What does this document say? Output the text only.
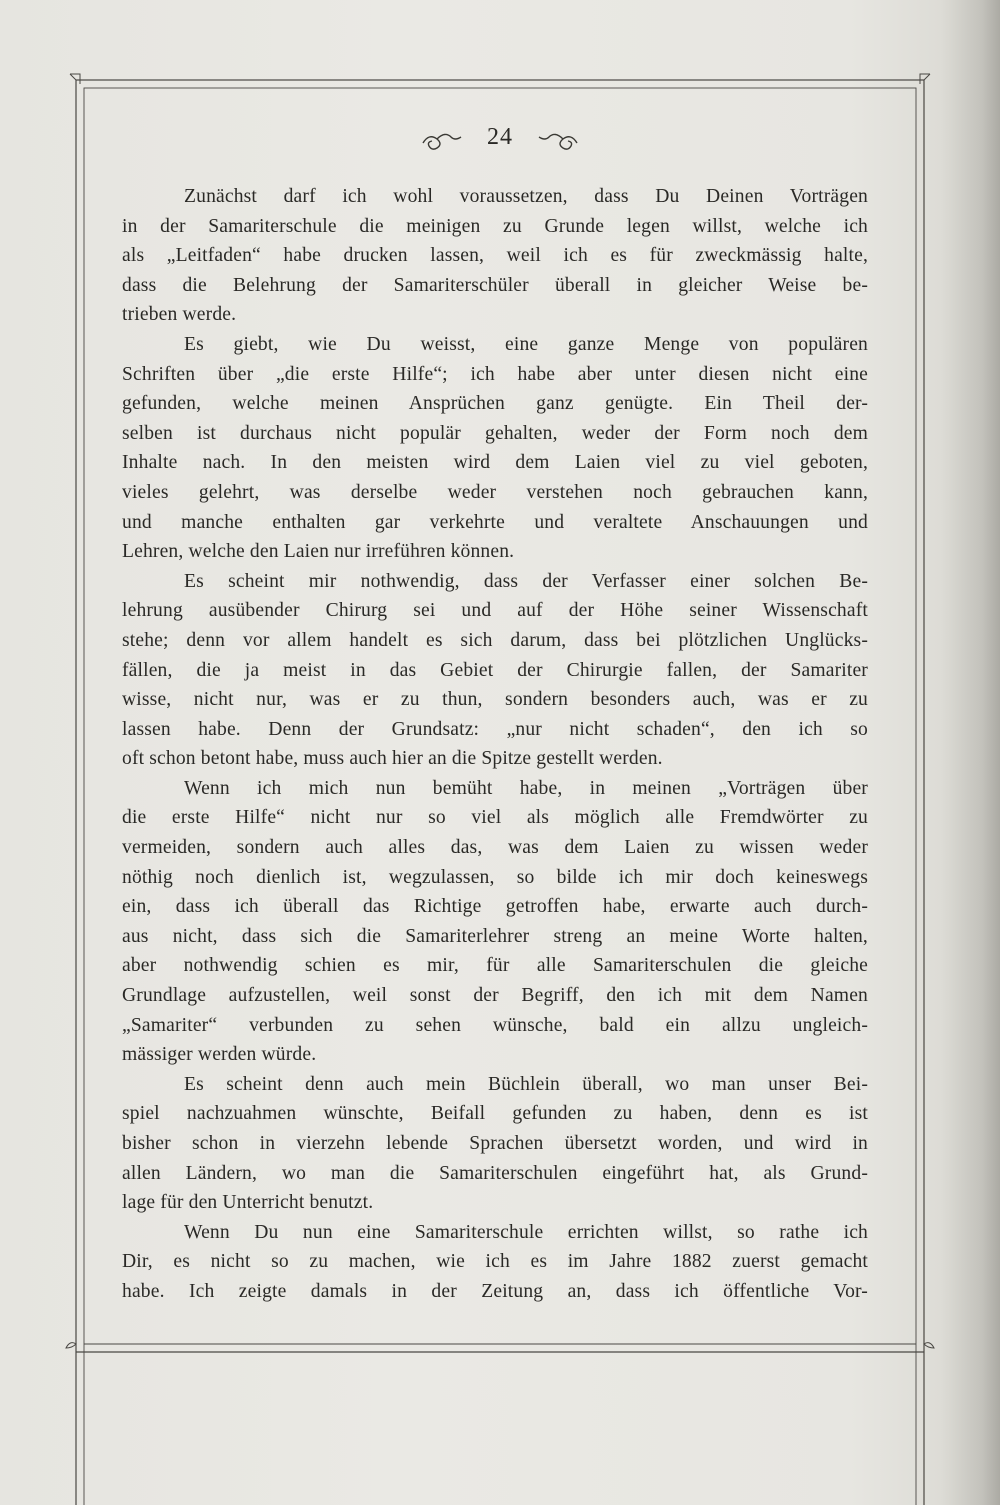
24
Zunächst darf ich wohl voraussetzen, dass Du Deinen Vorträgen
in der Samariterschule die meinigen zu Grunde legen willst, welche ich
als „Leitfaden“ habe drucken lassen, weil ich es für zweckmässig halte,
dass die Belehrung der Samariterschüler überall in gleicher Weise be-
trieben werde.
Es giebt, wie Du weisst, eine ganze Menge von populären
Schriften über „die erste Hilfe“; ich habe aber unter diesen nicht eine
gefunden, welche meinen Ansprüchen ganz genügte. Ein Theil der-
selben ist durchaus nicht populär gehalten, weder der Form noch dem
Inhalte nach. In den meisten wird dem Laien viel zu viel geboten,
vieles gelehrt, was derselbe weder verstehen noch gebrauchen kann,
und manche enthalten gar verkehrte und veraltete Anschauungen und
Lehren, welche den Laien nur irreführen können.
Es scheint mir nothwendig, dass der Verfasser einer solchen Be-
lehrung ausübender Chirurg sei und auf der Höhe seiner Wissenschaft
stehe; denn vor allem handelt es sich darum, dass bei plötzlichen Unglücks-
fällen, die ja meist in das Gebiet der Chirurgie fallen, der Samariter
wisse, nicht nur, was er zu thun, sondern besonders auch, was er zu
lassen habe. Denn der Grundsatz: „nur nicht schaden“, den ich so
oft schon betont habe, muss auch hier an die Spitze gestellt werden.
Wenn ich mich nun bemüht habe, in meinen „Vorträgen über
die erste Hilfe“ nicht nur so viel als möglich alle Fremdwörter zu
vermeiden, sondern auch alles das, was dem Laien zu wissen weder
nöthig noch dienlich ist, wegzulassen, so bilde ich mir doch keineswegs
ein, dass ich überall das Richtige getroffen habe, erwarte auch durch-
aus nicht, dass sich die Samariterlehrer streng an meine Worte halten,
aber nothwendig schien es mir, für alle Samariterschulen die gleiche
Grundlage aufzustellen, weil sonst der Begriff, den ich mit dem Namen
„Samariter“ verbunden zu sehen wünsche, bald ein allzu ungleich-
mässiger werden würde.
Es scheint denn auch mein Büchlein überall, wo man unser Bei-
spiel nachzuahmen wünschte, Beifall gefunden zu haben, denn es ist
bisher schon in vierzehn lebende Sprachen übersetzt worden, und wird in
allen Ländern, wo man die Samariterschulen eingeführt hat, als Grund-
lage für den Unterricht benutzt.
Wenn Du nun eine Samariterschule errichten willst, so rathe ich
Dir, es nicht so zu machen, wie ich es im Jahre 1882 zuerst gemacht
habe. Ich zeigte damals in der Zeitung an, dass ich öffentliche Vor-
